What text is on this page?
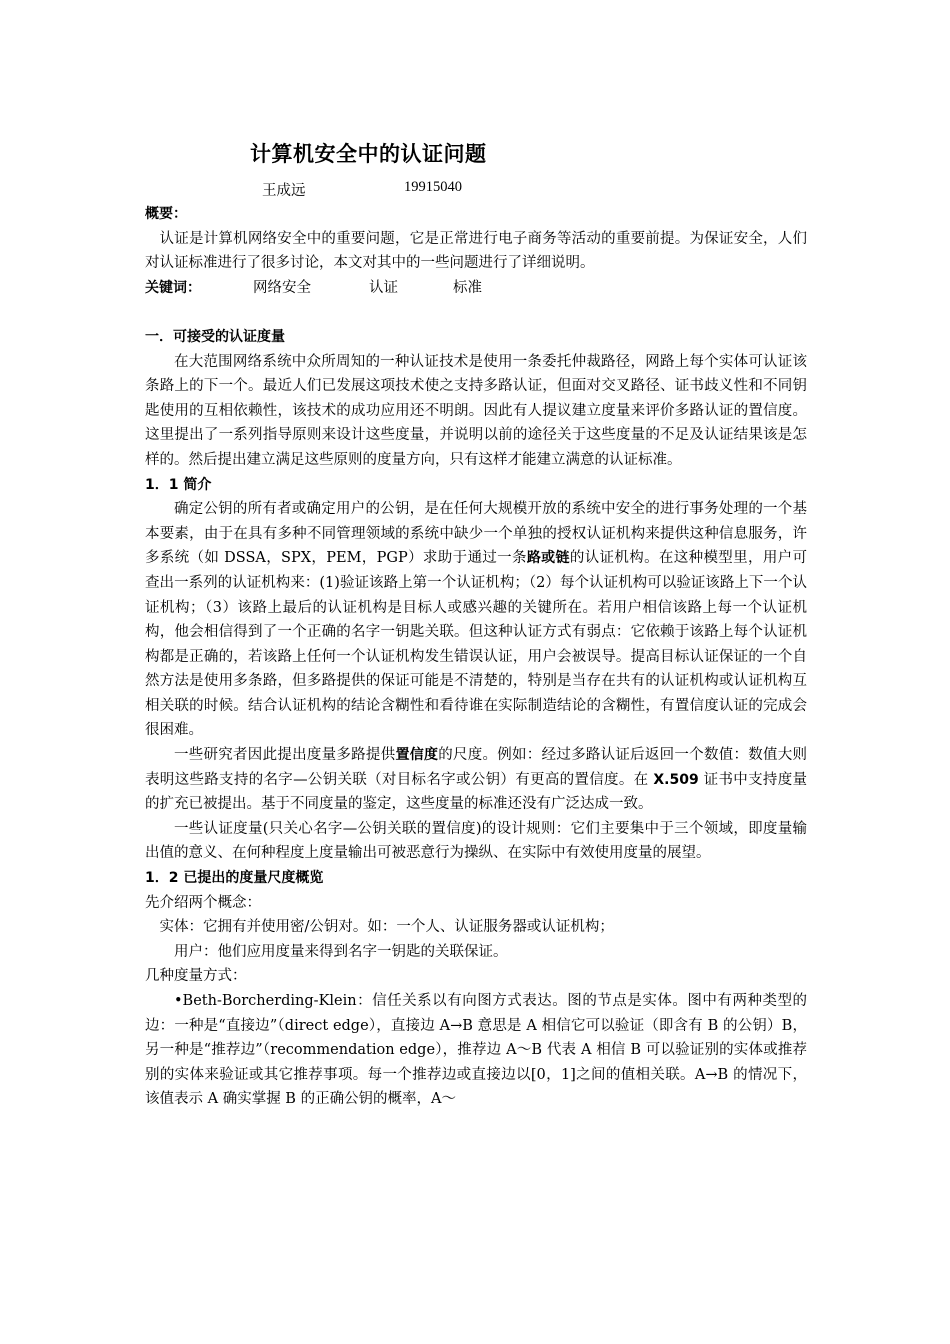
计算机安全中的认证问题
王成远	19915040

概要：

认证是计算机网络安全中的重要问题，它是正常进行电子商务等活动的重要前提。为保证安全，人们对认证标准进行了很多讨论，本文对其中的一些问题进行了详细说明。

关键词：	网络安全	认证	标准

一．可接受的认证度量

在大范围网络系统中众所周知的一种认证技术是使用一条委托仲裁路径，网路上每个实体可认证该条路上的下一个。最近人们已发展这项技术使之支持多路认证，但面对交叉路径、证书歧义性和不同钥匙使用的互相依赖性，该技术的成功应用还不明朗。因此有人提议建立度量来评价多路认证的置信度。这里提出了一系列指导原则来设计这些度量，并说明以前的途径关于这些度量的不足及认证结果该是怎样的。然后提出建立满足这些原则的度量方向，只有这样才能建立满意的认证标准。

1．1 简介

确定公钥的所有者或确定用户的公钥，是在任何大规模开放的系统中安全的进行事务处理的一个基本要素，由于在具有多种不同管理领域的系统中缺少一个单独的授权认证机构来提供这种信息服务，许多系统（如 DSSA，SPX，PEM，PGP）求助于通过一条路或链的认证机构。在这种模型里，用户可查出一系列的认证机构来：(1)验证该路上第一个认证机构；（2）每个认证机构可以验证该路上下一个认证机构；（3）该路上最后的认证机构是目标人或感兴趣的关键所在。若用户相信该路上每一个认证机构，他会相信得到了一个正确的名字一钥匙关联。但这种认证方式有弱点：它依赖于该路上每个认证机构都是正确的，若该路上任何一个认证机构发生错误认证，用户会被误导。提高目标认证保证的一个自然方法是使用多条路，但多路提供的保证可能是不清楚的，特别是当存在共有的认证机构或认证机构互相关联的时候。结合认证机构的结论含糊性和看待谁在实际制造结论的含糊性，有置信度认证的完成会很困难。

一些研究者因此提出度量多路提供置信度的尺度。例如：经过多路认证后返回一个数值：数值大则表明这些路支持的名字—公钥关联（对目标名字或公钥）有更高的置信度。在 X.509 证书中支持度量的扩充已被提出。基于不同度量的鉴定，这些度量的标准还没有广泛达成一致。

一些认证度量(只关心名字—公钥关联的置信度)的设计规则：它们主要集中于三个领域，即度量输出值的意义、在何种程度上度量输出可被恶意行为操纵、在实际中有效使用度量的展望。

1．2 已提出的度量尺度概览

先介绍两个概念：

实体：它拥有并使用密/公钥对。如：一个人、认证服务器或认证机构；

用户：他们应用度量来得到名字一钥匙的关联保证。

几种度量方式：

•Beth-Borcherding-Klein：信任关系以有向图方式表达。图的节点是实体。图中有两种类型的边：一种是“直接边”（direct edge），直接边 A→B 意思是 A 相信它可以验证（即含有 B 的公钥）B，另一种是“推荐边”（recommendation edge），推荐边 A～B 代表 A 相信 B 可以验证别的实体或推荐别的实体来验证或其它推荐事项。每一个推荐边或直接边以[0，1]之间的值相关联。A→B 的情况下，该值表示 A 确实掌握 B 的正确公钥的概率，A～
